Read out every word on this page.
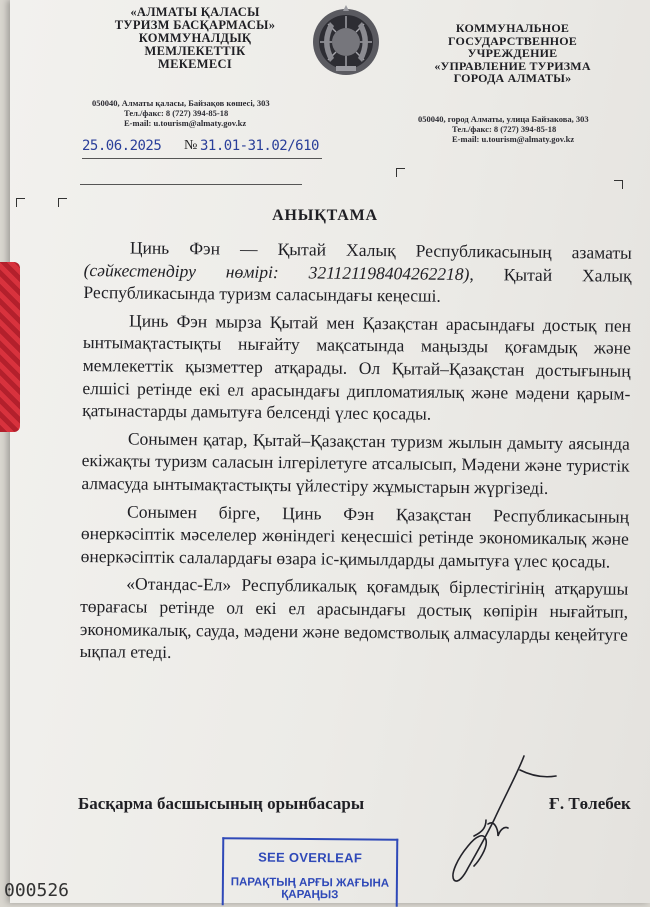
«АЛМАТЫ ҚАЛАСЫ
ТУРИЗМ БАСҚАРМАСЫ»
КОММУНАЛДЫҚ
МЕМЛЕКЕТТІК
МЕКЕМЕСІ
КОММУНАЛЬНОЕ
ГОСУДАРСТВЕННОЕ
УЧРЕЖДЕНИЕ
«УПРАВЛЕНИЕ ТУРИЗМА
ГОРОДА АЛМАТЫ»
050040, Алматы қаласы, Байзақов көшесі, 303
Тел./факс: 8 (727) 394-85-18
E-mail: u.tourism@almaty.gov.kz	050040, город Алматы, улица Байзакова, 303
Тел./факс: 8 (727) 394-85-18
E-mail: u.tourism@almaty.gov.kz
25.06.2025 № 31.01-31.02/610
АНЫҚТАМА

Цинь Фэн — Қытай Халық Республикасының азаматы (сәйкестендіру нөмірі: 321121198404262218), Қытай Халық Республикасында туризм саласындағы кеңесші.

Цинь Фэн мырза Қытай мен Қазақстан арасындағы достық пен ынтымақтастықты нығайту мақсатында маңызды қоғамдық және мемлекеттік қызметтер атқарады. Ол Қытай–Қазақстан достығының елшісі ретінде екі ел арасындағы дипломатиялық және мәдени қарым-қатынастарды дамытуға белсенді үлес қосады.

Сонымен қатар, Қытай–Қазақстан туризм жылын дамыту аясында екіжақты туризм саласын ілгерілетуге атсалысып, Мәдени және туристік алмасуда ынтымақтастықты үйлестіру жұмыстарын жүргізеді.

Сонымен бірге, Цинь Фэн Қазақстан Республикасының өнеркәсіптік мәселелер жөніндегі кеңесшісі ретінде экономикалық және өнеркәсіптік салалардағы өзара іс-қимылдарды дамытуға үлес қосады.

«Отандас-Ел» Республикалық қоғамдық бірлестігінің атқарушы төрағасы ретінде ол екі ел арасындағы достық көпірін нығайтып, экономикалық, сауда, мәдени және ведомстволық алмасуларды кеңейтуге ықпал етеді.

Басқарма басшысының орынбасары	Ғ. Төлебек
SEE OVERLEAF
ПАРАҚТЫҢ АРҒЫ ЖАҒЫНА ҚАРАҢЫЗ
000526
